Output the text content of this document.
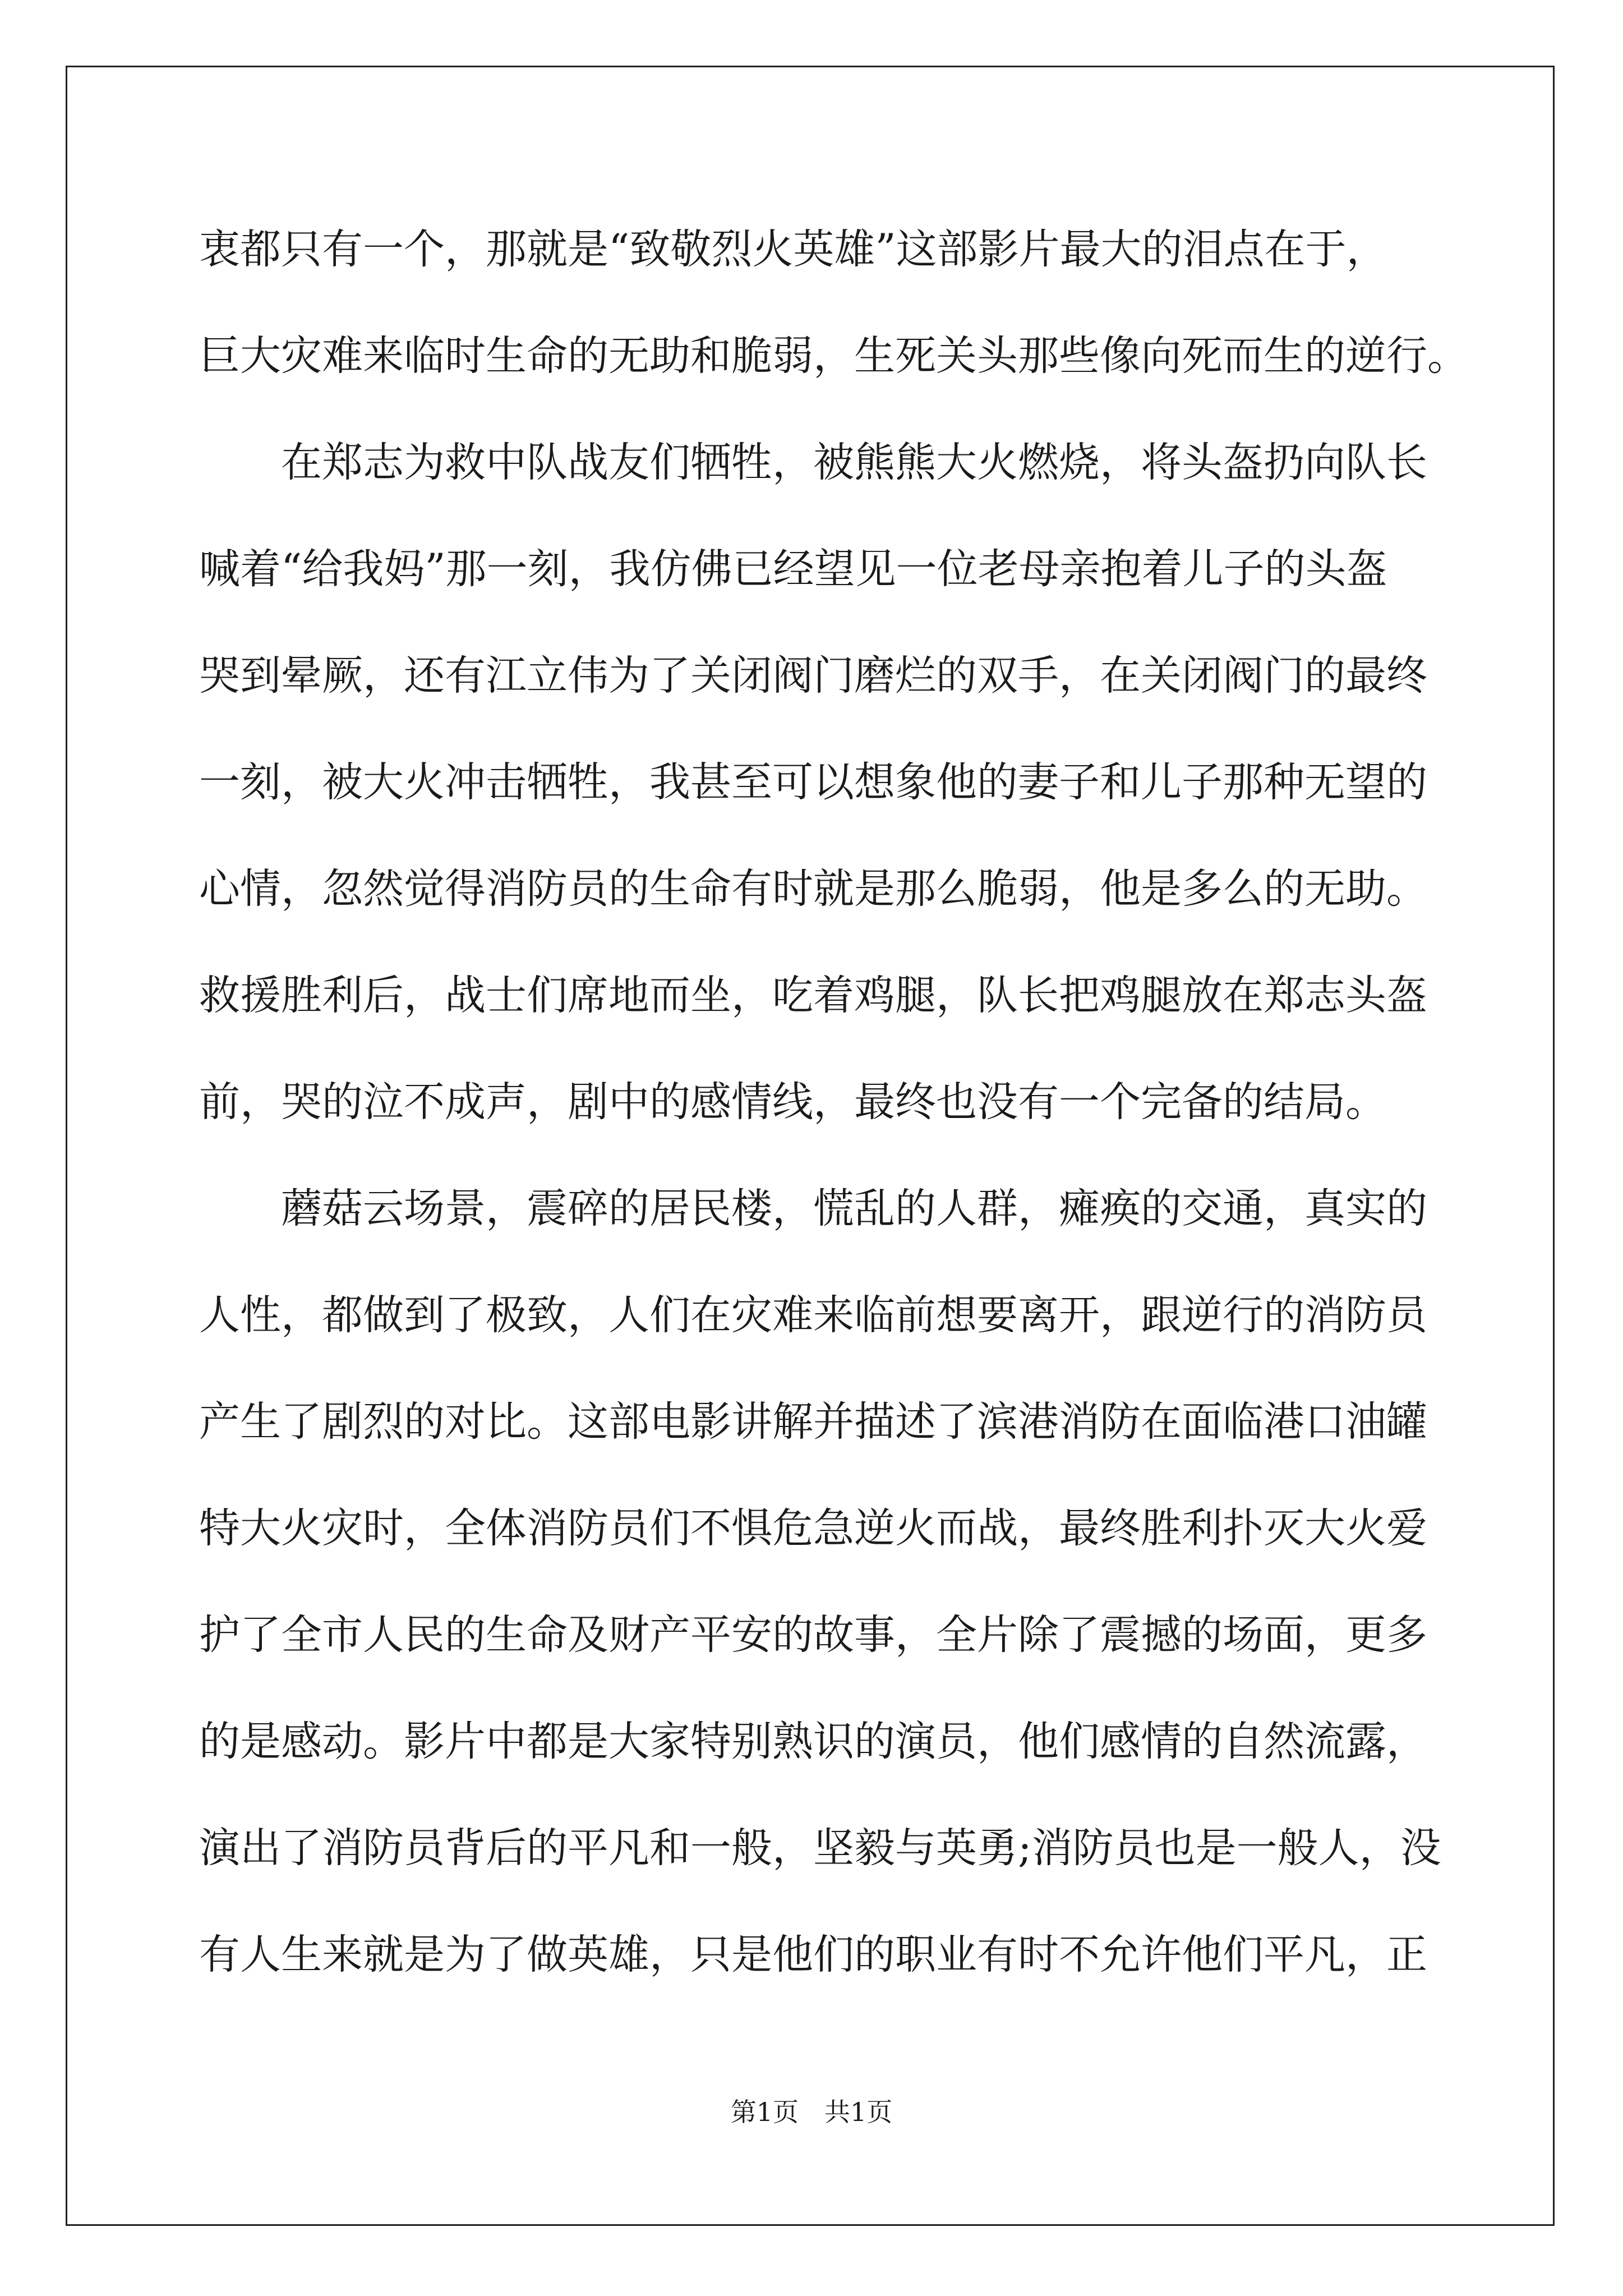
衷都只有一个，那就是“致敬烈火英雄”这部影片最大的泪点在于，
巨大灾难来临时生命的无助和脆弱，生死关头那些像向死而生的逆行。
　　在郑志为救中队战友们牺牲，被熊熊大火燃烧，将头盔扔向队长
喊着“给我妈”那一刻，我仿佛已经望见一位老母亲抱着儿子的头盔
哭到晕厥，还有江立伟为了关闭阀门磨烂的双手，在关闭阀门的最终
一刻，被大火冲击牺牲，我甚至可以想象他的妻子和儿子那种无望的
心情，忽然觉得消防员的生命有时就是那么脆弱，他是多么的无助。
救援胜利后，战士们席地而坐，吃着鸡腿，队长把鸡腿放在郑志头盔
前，哭的泣不成声，剧中的感情线，最终也没有一个完备的结局。
　　蘑菇云场景，震碎的居民楼，慌乱的人群，瘫痪的交通，真实的
人性，都做到了极致，人们在灾难来临前想要离开，跟逆行的消防员
产生了剧烈的对比。这部电影讲解并描述了滨港消防在面临港口油罐
特大火灾时，全体消防员们不惧危急逆火而战，最终胜利扑灭大火爱
护了全市人民的生命及财产平安的故事，全片除了震撼的场面，更多
的是感动。影片中都是大家特别熟识的演员，他们感情的自然流露，
演出了消防员背后的平凡和一般，坚毅与英勇;消防员也是一般人，没
有人生来就是为了做英雄，只是他们的职业有时不允许他们平凡，正
第1页　共1页
